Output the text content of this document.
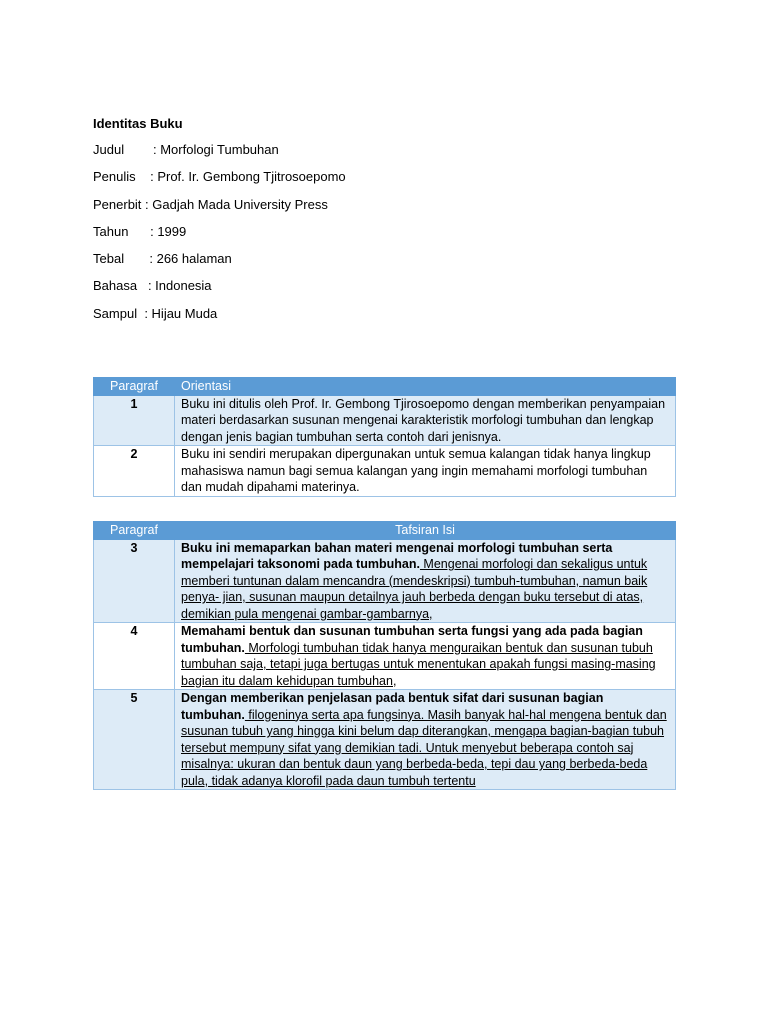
Identitas Buku
Judul        : Morfologi Tumbuhan
Penulis    : Prof. Ir. Gembong Tjitrosoepomo
Penerbit : Gadjah Mada University Press
Tahun      : 1999
Tebal       : 266 halaman
Bahasa   : Indonesia
Sampul  : Hijau Muda
Paragraf	Orientasi
1	Buku ini ditulis oleh Prof. Ir. Gembong Tjirosoepomo dengan memberikan penyampaian materi berdasarkan susunan mengenai karakteristik morfologi tumbuhan dan lengkap dengan jenis bagian tumbuhan serta contoh dari jenisnya.
2	Buku ini sendiri merupakan dipergunakan untuk semua kalangan tidak hanya lingkup mahasiswa namun bagi semua kalangan yang ingin memahami morfologi tumbuhan dan mudah dipahami materinya.
Paragraf	Tafsiran Isi
3	Buku ini memaparkan bahan materi mengenai morfologi tumbuhan serta mempelajari taksonomi pada tumbuhan. Mengenai morfologi dan sekaligus untuk memberi tuntunan dalam mencandra (mendeskripsi) tumbuh-tumbuhan, namun baik penya- jian, susunan maupun detailnya jauh berbeda dengan buku tersebut di atas, demikian pula mengenai gambar-gambarnya,
4	Memahami bentuk dan susunan tumbuhan serta fungsi yang ada pada bagian tumbuhan. Morfologi tumbuhan tidak hanya menguraikan bentuk dan susunan tubuh tumbuhan saja, tetapi juga bertugas untuk menentukan apakah fungsi masing-masing bagian itu dalam kehidupan tumbuhan,
5	Dengan memberikan penjelasan pada bentuk sifat dari susunan bagian tumbuhan. filogeninya serta apa fungsinya. Masih banyak hal-hal mengena bentuk dan susunan tubuh yang hingga kini belum dap diterangkan, mengapa bagian-bagian tubuh tersebut mempuny sifat yang demikian tadi. Untuk menyebut beberapa contoh saj misalnya: ukuran dan bentuk daun yang berbeda-beda, tepi dau yang berbeda-beda pula, tidak adanya klorofil pada daun tumbuh tertentu
